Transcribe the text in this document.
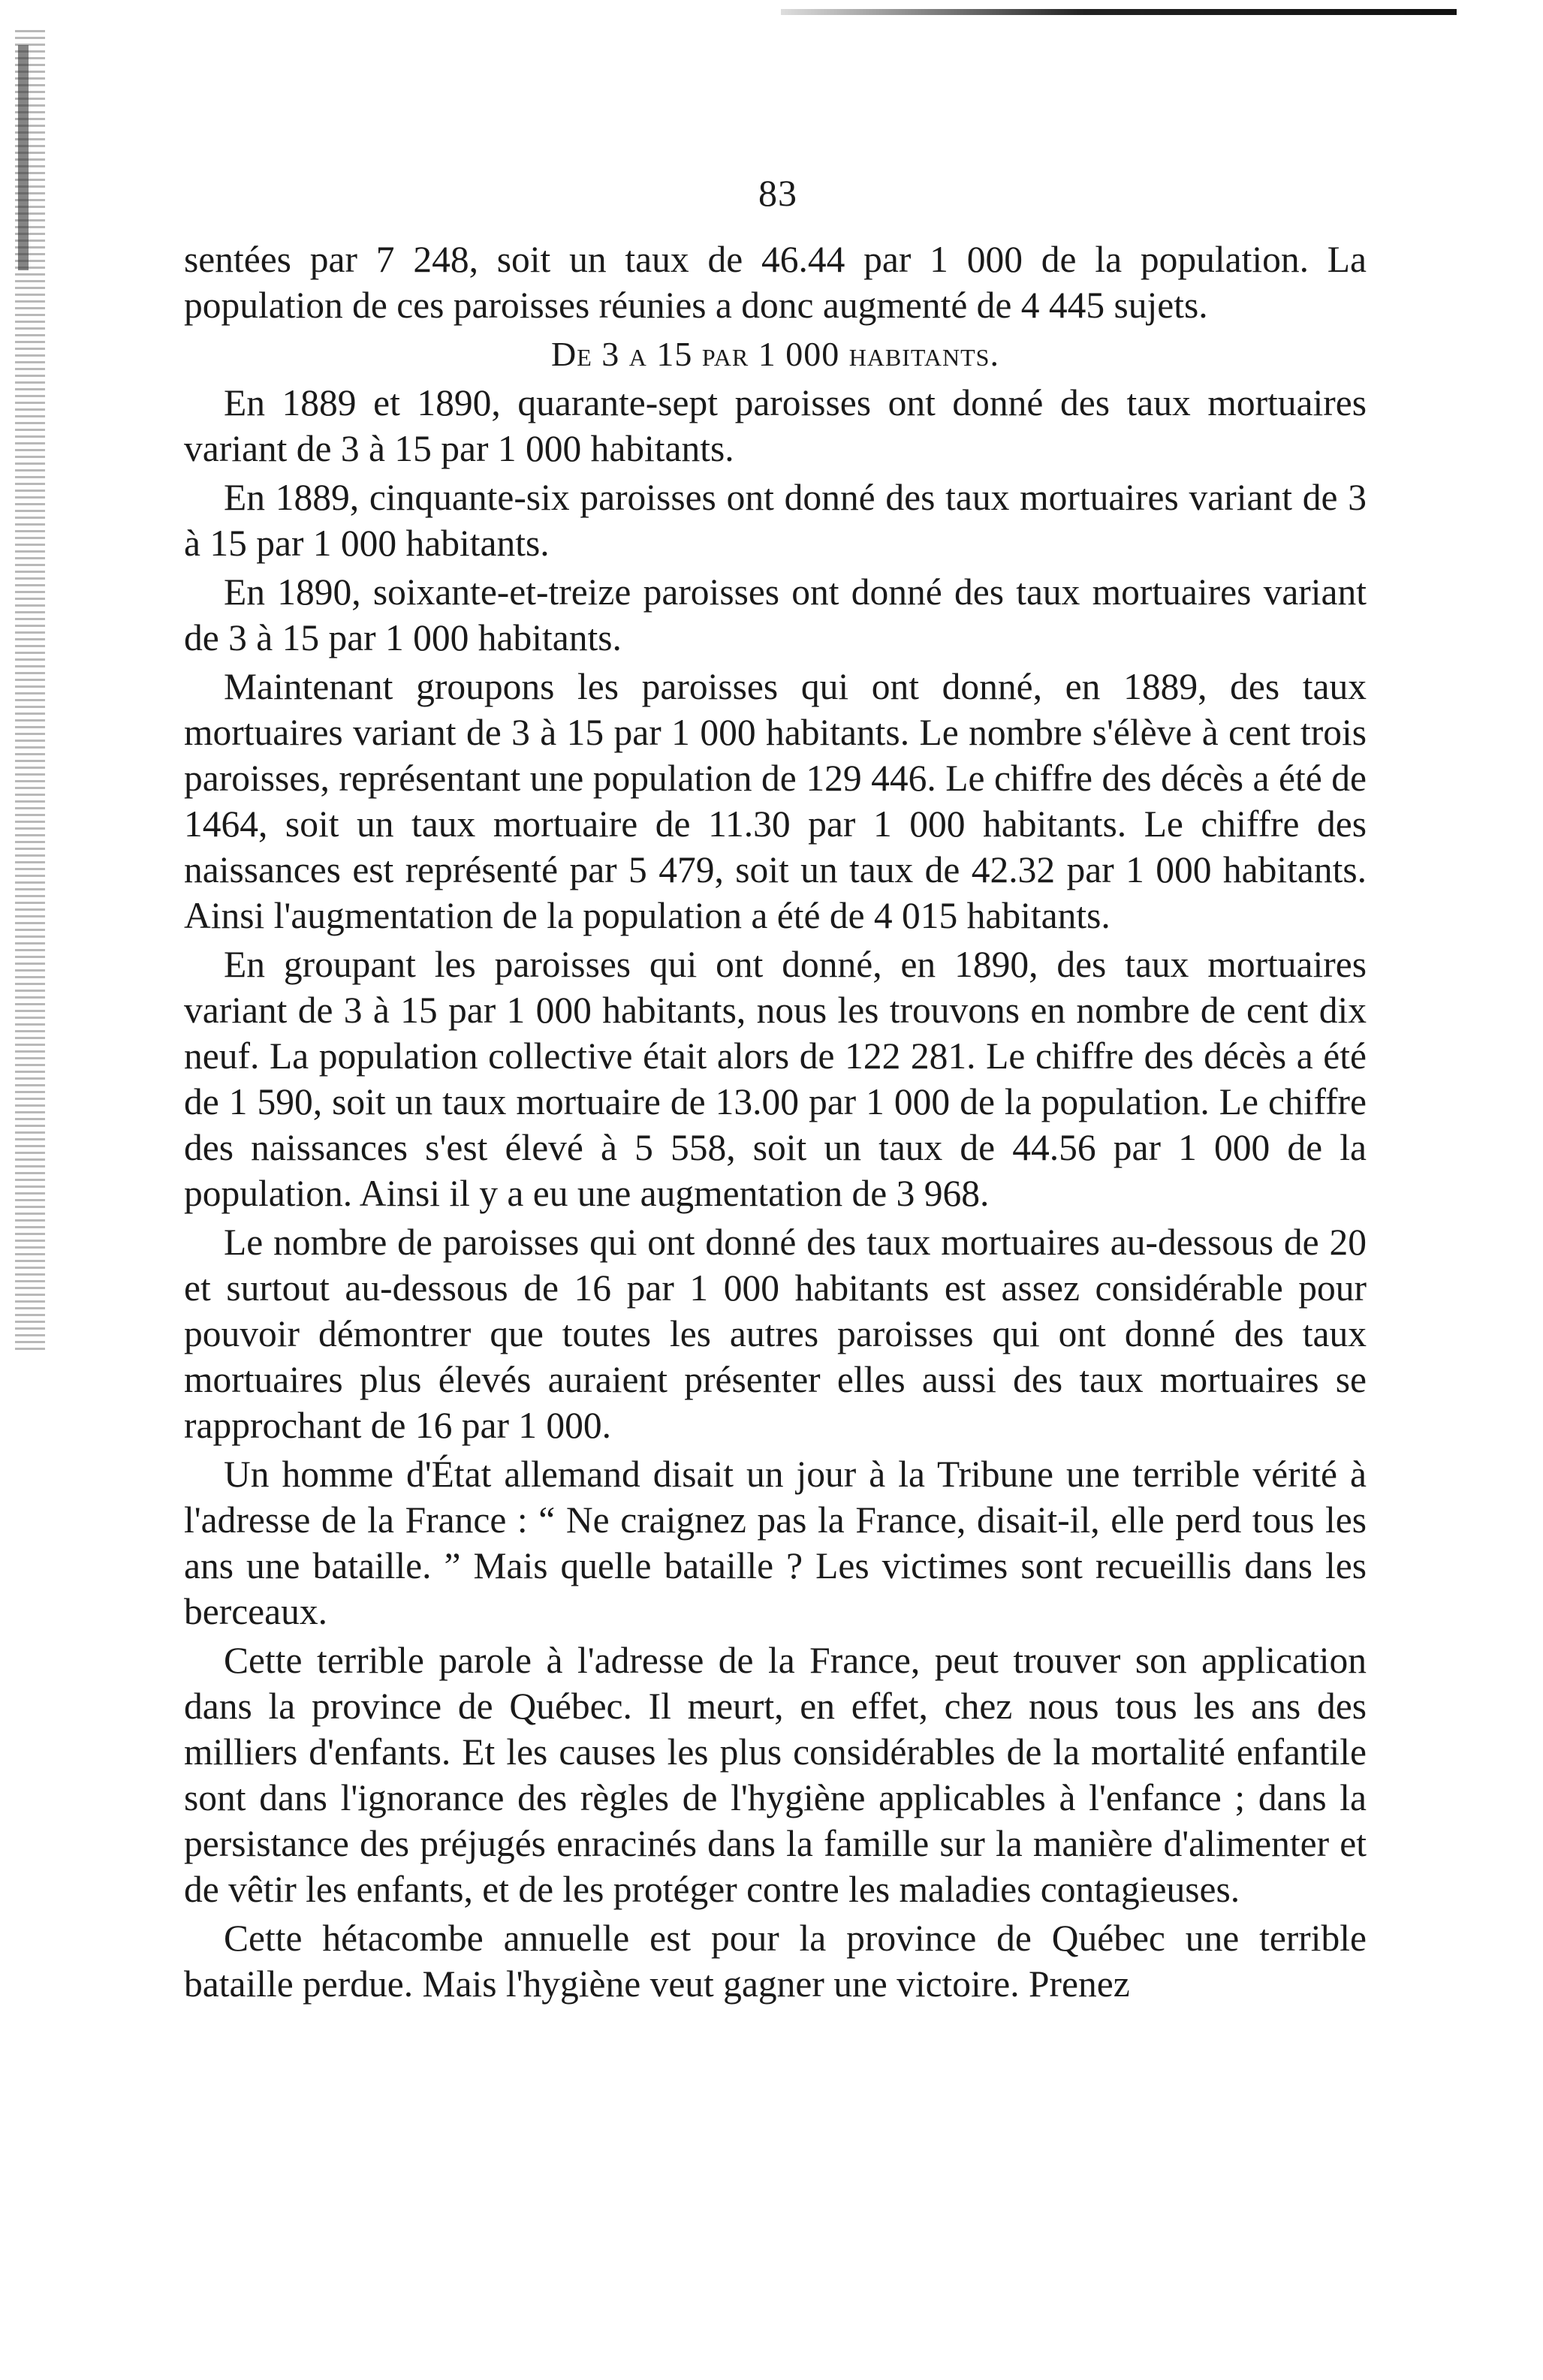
83

sentées par 7 248, soit un taux de 46.44 par 1 000 de la population. La population de ces paroisses réunies a donc augmenté de 4 445 sujets.

De 3 a 15 par 1 000 habitants.

En 1889 et 1890, quarante-sept paroisses ont donné des taux mortuaires variant de 3 à 15 par 1 000 habitants.

En 1889, cinquante-six paroisses ont donné des taux mortuaires variant de 3 à 15 par 1 000 habitants.

En 1890, soixante-et-treize paroisses ont donné des taux mortuaires variant de 3 à 15 par 1 000 habitants.

Maintenant groupons les paroisses qui ont donné, en 1889, des taux mortuaires variant de 3 à 15 par 1 000 habitants. Le nombre s'élève à cent trois paroisses, représentant une population de 129 446. Le chiffre des décès a été de 1464, soit un taux mortuaire de 11.30 par 1 000 habitants. Le chiffre des naissances est représenté par 5 479, soit un taux de 42.32 par 1 000 habitants. Ainsi l'augmentation de la population a été de 4 015 habitants.

En groupant les paroisses qui ont donné, en 1890, des taux mortuaires variant de 3 à 15 par 1 000 habitants, nous les trouvons en nombre de cent dix neuf. La population collective était alors de 122 281. Le chiffre des décès a été de 1 590, soit un taux mortuaire de 13.00 par 1 000 de la population. Le chiffre des naissances s'est élevé à 5 558, soit un taux de 44.56 par 1 000 de la population. Ainsi il y a eu une augmentation de 3 968.

Le nombre de paroisses qui ont donné des taux mortuaires au-dessous de 20 et surtout au-dessous de 16 par 1 000 habitants est assez considérable pour pouvoir démontrer que toutes les autres paroisses qui ont donné des taux mortuaires plus élevés auraient présenter elles aussi des taux mortuaires se rapprochant de 16 par 1 000.

Un homme d'État allemand disait un jour à la Tribune une terrible vérité à l'adresse de la France : “ Ne craignez pas la France, disait-il, elle perd tous les ans une bataille. ” Mais quelle bataille ? Les victimes sont recueillis dans les berceaux.

Cette terrible parole à l'adresse de la France, peut trouver son application dans la province de Québec. Il meurt, en effet, chez nous tous les ans des milliers d'enfants. Et les causes les plus considérables de la mortalité enfantile sont dans l'ignorance des règles de l'hygiène applicables à l'enfance ; dans la persistance des préjugés enracinés dans la famille sur la manière d'alimenter et de vêtir les enfants, et de les protéger contre les maladies contagieuses.

Cette hétacombe annuelle est pour la province de Québec une terrible bataille perdue. Mais l'hygiène veut gagner une victoire. Prenez
